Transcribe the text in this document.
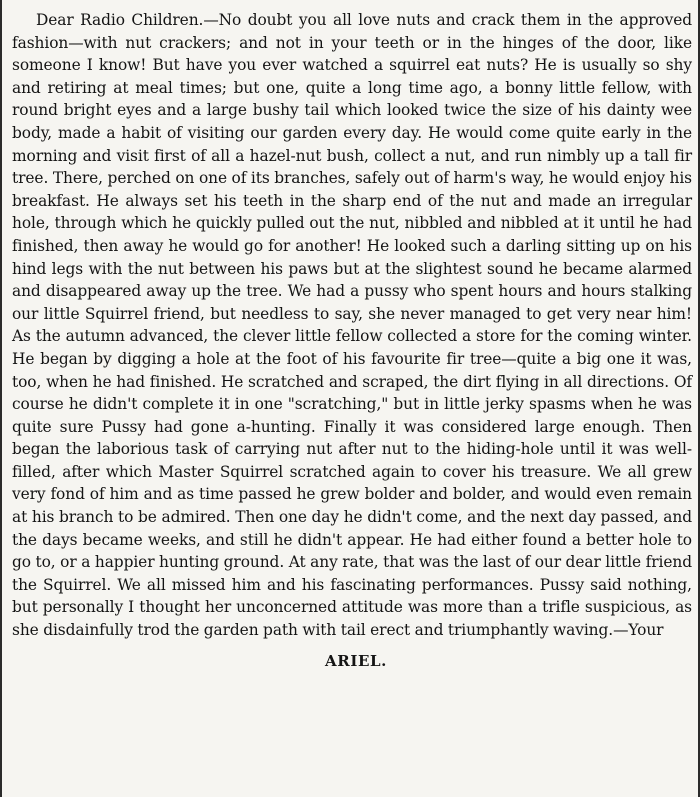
Dear Radio Children.—No doubt you all love nuts and crack them in the approved fashion—with nut crackers; and not in your teeth or in the hinges of the door, like someone I know! But have you ever watched a squirrel eat nuts? He is usually so shy and retiring at meal times; but one, quite a long time ago, a bonny little fellow, with round bright eyes and a large bushy tail which looked twice the size of his dainty wee body, made a habit of visiting our garden every day. He would come quite early in the morning and visit first of all a hazel-nut bush, collect a nut, and run nimbly up a tall fir tree. There, perched on one of its branches, safely out of harm's way, he would enjoy his breakfast. He always set his teeth in the sharp end of the nut and made an irregular hole, through which he quickly pulled out the nut, nibbled and nibbled at it until he had finished, then away he would go for another! He looked such a darling sitting up on his hind legs with the nut between his paws but at the slightest sound he became alarmed and disappeared away up the tree. We had a pussy who spent hours and hours stalking our little Squirrel friend, but needless to say, she never managed to get very near him! As the autumn advanced, the clever little fellow collected a store for the coming winter. He began by digging a hole at the foot of his favourite fir tree—quite a big one it was, too, when he had finished. He scratched and scraped, the dirt flying in all directions. Of course he didn't complete it in one "scratching," but in little jerky spasms when he was quite sure Pussy had gone a-hunting. Finally it was considered large enough. Then began the laborious task of carrying nut after nut to the hiding-hole until it was well-filled, after which Master Squirrel scratched again to cover his treasure. We all grew very fond of him and as time passed he grew bolder and bolder, and would even remain at his branch to be admired. Then one day he didn't come, and the next day passed, and the days became weeks, and still he didn't appear. He had either found a better hole to go to, or a happier hunting ground. At any rate, that was the last of our dear little friend the Squirrel. We all missed him and his fascinating performances. Pussy said nothing, but personally I thought her unconcerned attitude was more than a trifle suspicious, as she disdainfully trod the garden path with tail erect and triumphantly waving.—Your

ARIEL.
